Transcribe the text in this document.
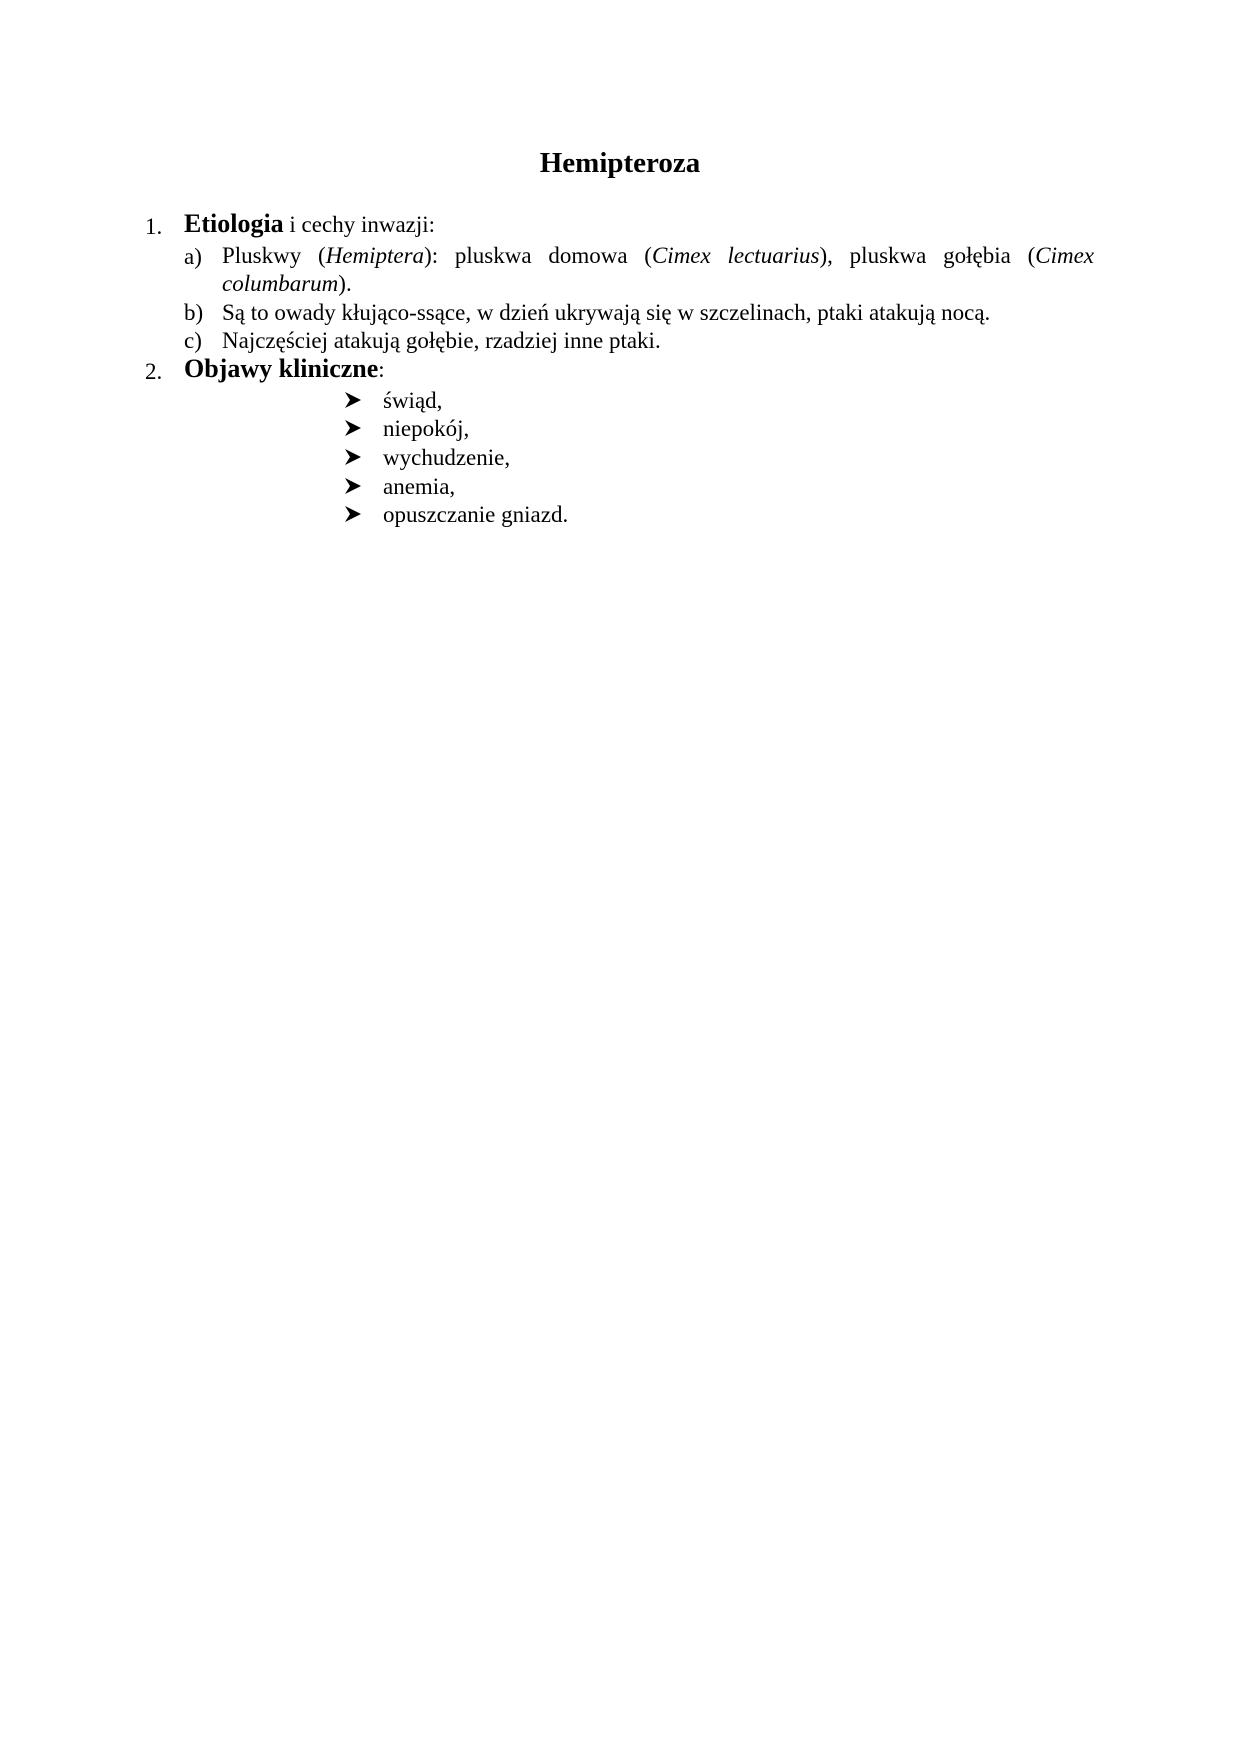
Hemipteroza
1. Etiologia i cechy inwazji:
a) Pluskwy (Hemiptera): pluskwa domowa (Cimex lectuarius), pluskwa gołębia (Cimex columbarum).
b) Są to owady kłująco-ssące, w dzień ukrywają się w szczelinach, ptaki atakują nocą.
c) Najczęściej atakują gołębie, rzadziej inne ptaki.
2. Objawy kliniczne:
świąd,
niepokój,
wychudzenie,
anemia,
opuszczanie gniazd.
